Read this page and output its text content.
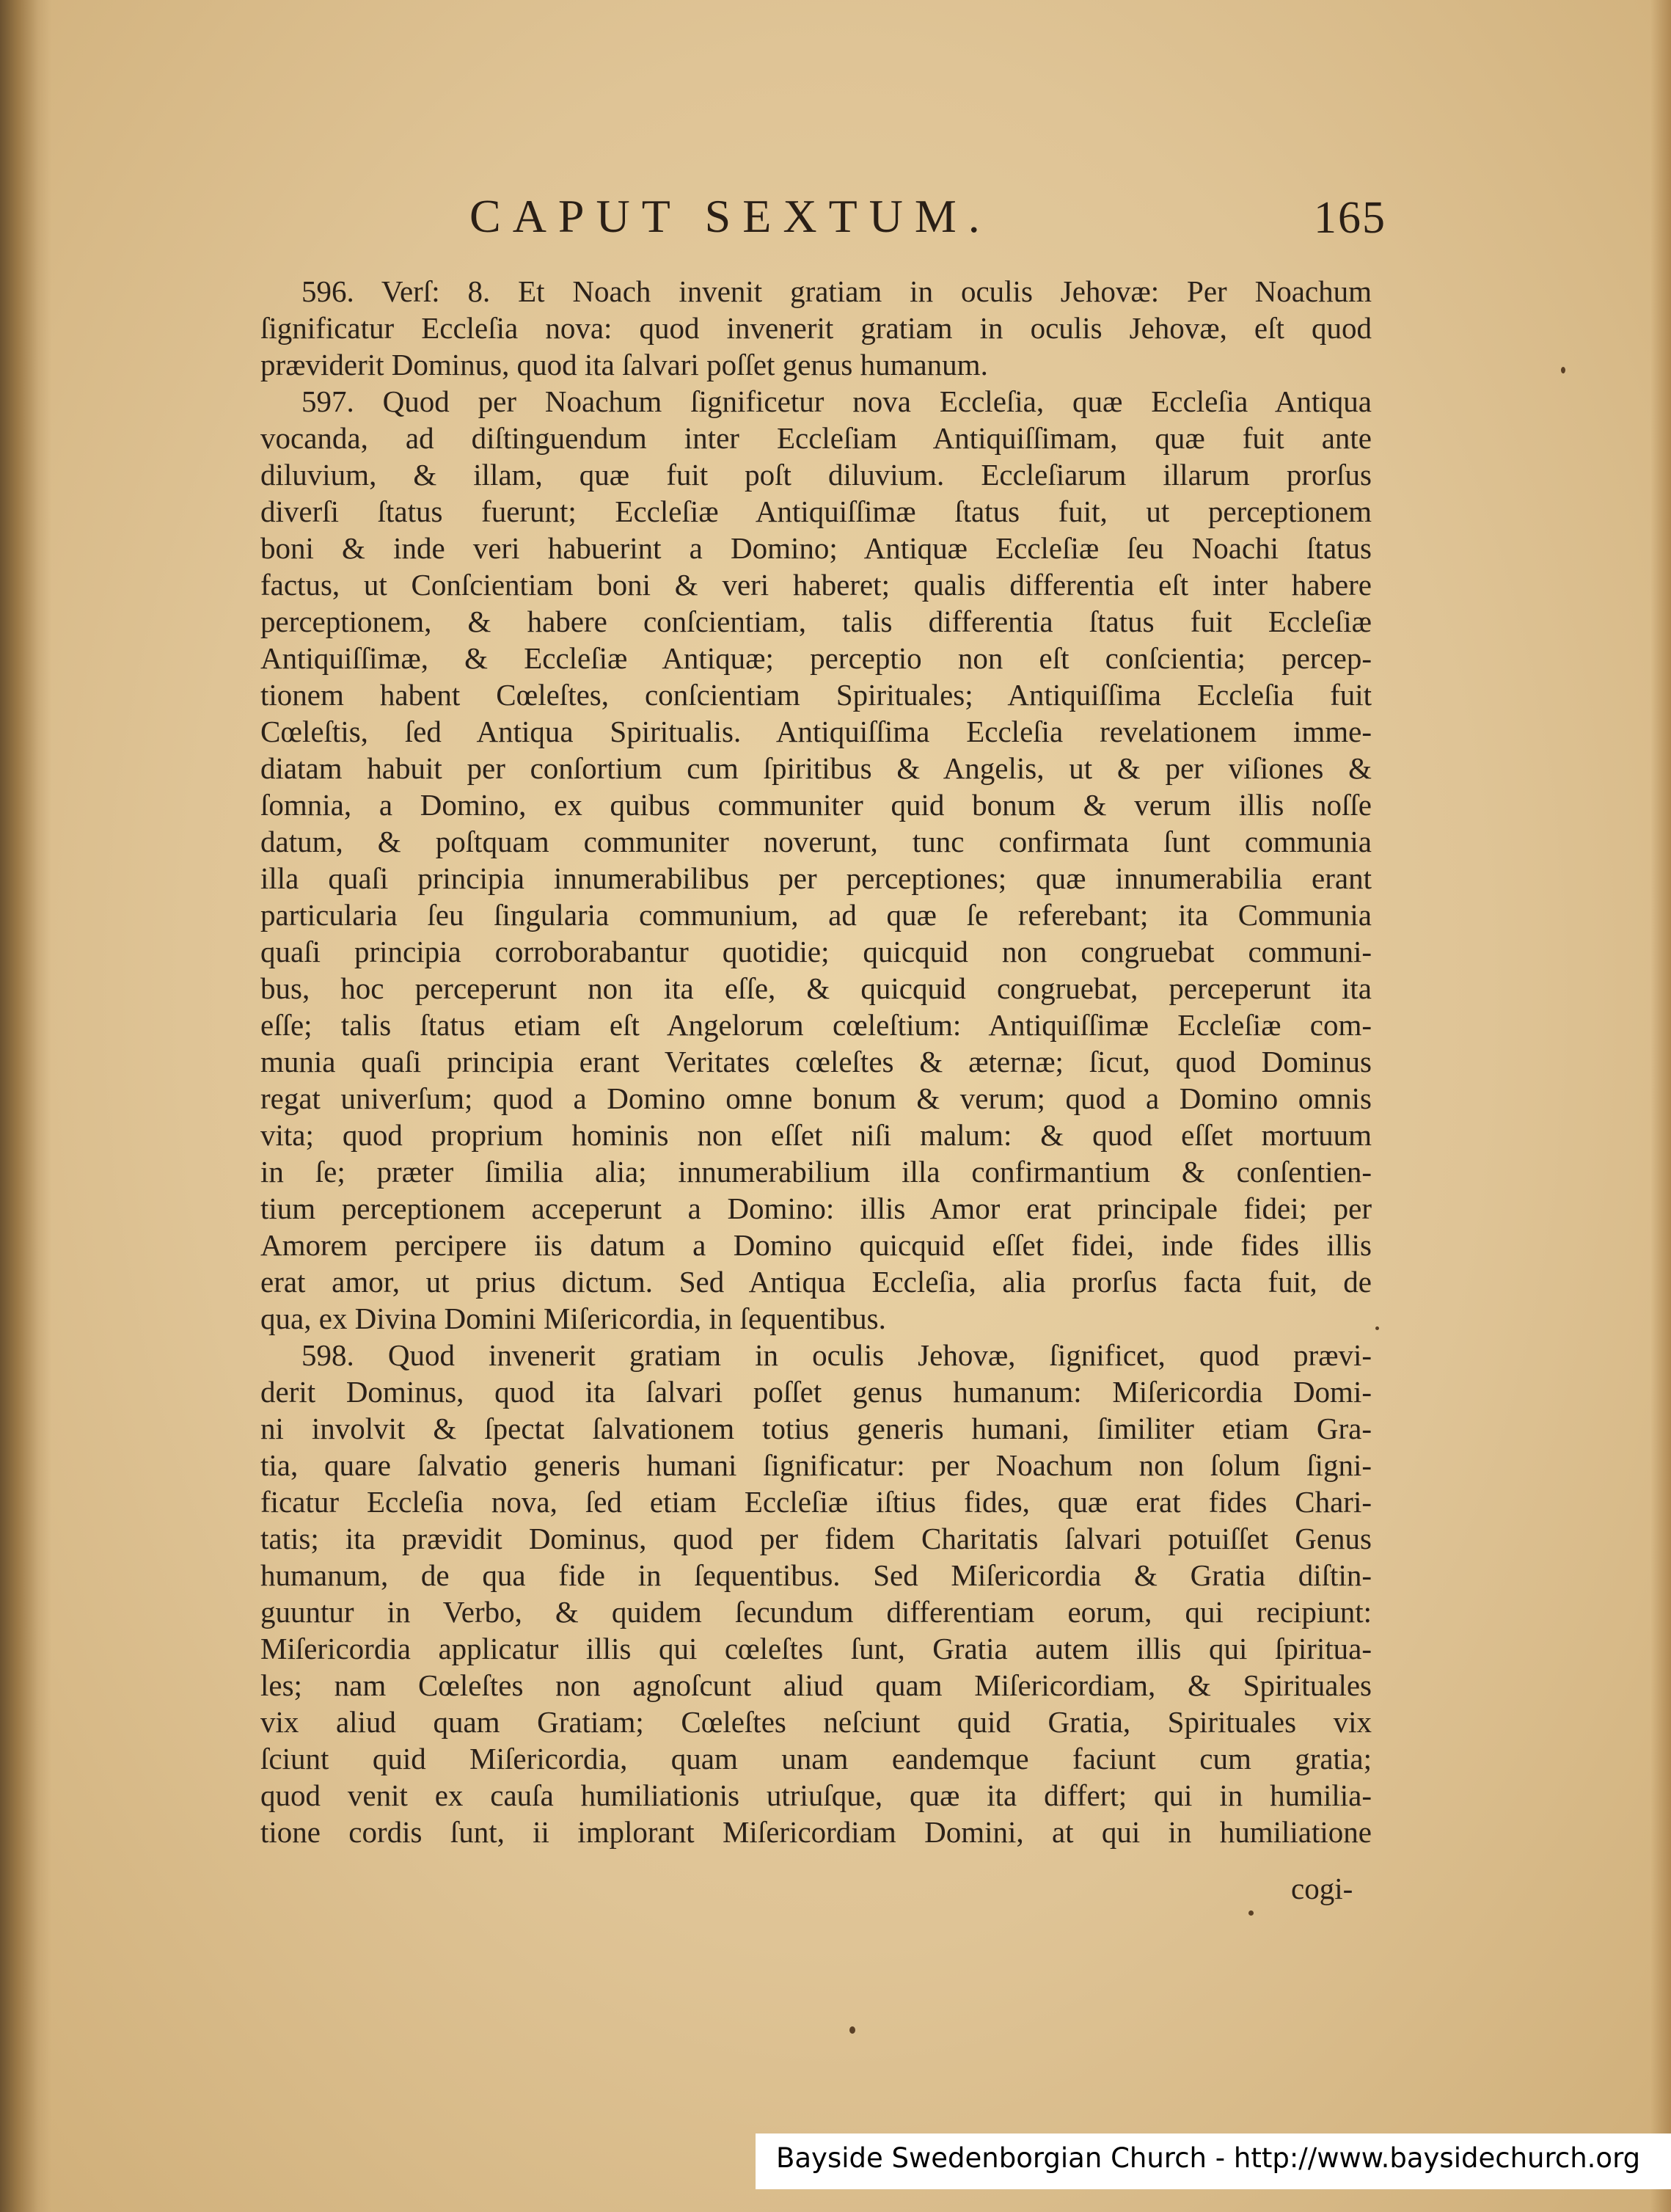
CAPUT SEXTUM.	165
596. Verſ: 8. Et Noach invenit gratiam in oculis Jehovæ: Per Noachum
ſignificatur Eccleſia nova: quod invenerit gratiam in oculis Jehovæ, eſt quod
præviderit Dominus, quod ita ſalvari poſſet genus humanum.
597. Quod per Noachum ſignificetur nova Eccleſia, quæ Eccleſia Antiqua
vocanda, ad diſtinguendum inter Eccleſiam Antiquiſſimam, quæ fuit ante
diluvium, & illam, quæ fuit poſt diluvium. Eccleſiarum illarum prorſus
diverſi ſtatus fuerunt; Eccleſiæ Antiquiſſimæ ſtatus fuit, ut perceptionem
boni & inde veri habuerint a Domino; Antiquæ Eccleſiæ ſeu Noachi ſtatus
factus, ut Conſcientiam boni & veri haberet; qualis differentia eſt inter habere
perceptionem, & habere conſcientiam, talis differentia ſtatus fuit Eccleſiæ
Antiquiſſimæ, & Eccleſiæ Antiquæ; perceptio non eſt conſcientia; percep-
tionem habent Cœleſtes, conſcientiam Spirituales; Antiquiſſima Eccleſia fuit
Cœleſtis, ſed Antiqua Spiritualis. Antiquiſſima Eccleſia revelationem imme-
diatam habuit per conſortium cum ſpiritibus & Angelis, ut & per viſiones &
ſomnia, a Domino, ex quibus communiter quid bonum & verum illis noſſe
datum, & poſtquam communiter noverunt, tunc confirmata ſunt communia
illa quaſi principia innumerabilibus per perceptiones; quæ innumerabilia erant
particularia ſeu ſingularia communium, ad quæ ſe referebant; ita Communia
quaſi principia corroborabantur quotidie; quicquid non congruebat communi-
bus, hoc perceperunt non ita eſſe, & quicquid congruebat, perceperunt ita
eſſe; talis ſtatus etiam eſt Angelorum cœleſtium: Antiquiſſimæ Eccleſiæ com-
munia quaſi principia erant Veritates cœleſtes & æternæ; ſicut, quod Dominus
regat univerſum; quod a Domino omne bonum & verum; quod a Domino omnis
vita; quod proprium hominis non eſſet niſi malum: & quod eſſet mortuum
in ſe; præter ſimilia alia; innumerabilium illa confirmantium & conſentien-
tium perceptionem acceperunt a Domino: illis Amor erat principale fidei; per
Amorem percipere iis datum a Domino quicquid eſſet fidei, inde fides illis
erat amor, ut prius dictum. Sed Antiqua Eccleſia, alia prorſus facta fuit, de
qua, ex Divina Domini Miſericordia, in ſequentibus.
598. Quod invenerit gratiam in oculis Jehovæ, ſignificet, quod prævi-
derit Dominus, quod ita ſalvari poſſet genus humanum: Miſericordia Domi-
ni involvit & ſpectat ſalvationem totius generis humani, ſimiliter etiam Gra-
tia, quare ſalvatio generis humani ſignificatur: per Noachum non ſolum ſigni-
ficatur Eccleſia nova, ſed etiam Eccleſiæ iſtius fides, quæ erat fides Chari-
tatis; ita prævidit Dominus, quod per fidem Charitatis ſalvari potuiſſet Genus
humanum, de qua fide in ſequentibus. Sed Miſericordia & Gratia diſtin-
guuntur in Verbo, & quidem ſecundum differentiam eorum, qui recipiunt:
Miſericordia applicatur illis qui cœleſtes ſunt, Gratia autem illis qui ſpiritua-
les; nam Cœleſtes non agnoſcunt aliud quam Miſericordiam, & Spirituales
vix aliud quam Gratiam; Cœleſtes neſciunt quid Gratia, Spirituales vix
ſciunt quid Miſericordia, quam unam eandemque faciunt cum gratia;
quod venit ex cauſa humiliationis utriuſque, quæ ita differt; qui in humilia-
tione cordis ſunt, ii implorant Miſericordiam Domini, at qui in humiliatione
cogi-
Bayside Swedenborgian Church - http://www.baysidechurch.org
